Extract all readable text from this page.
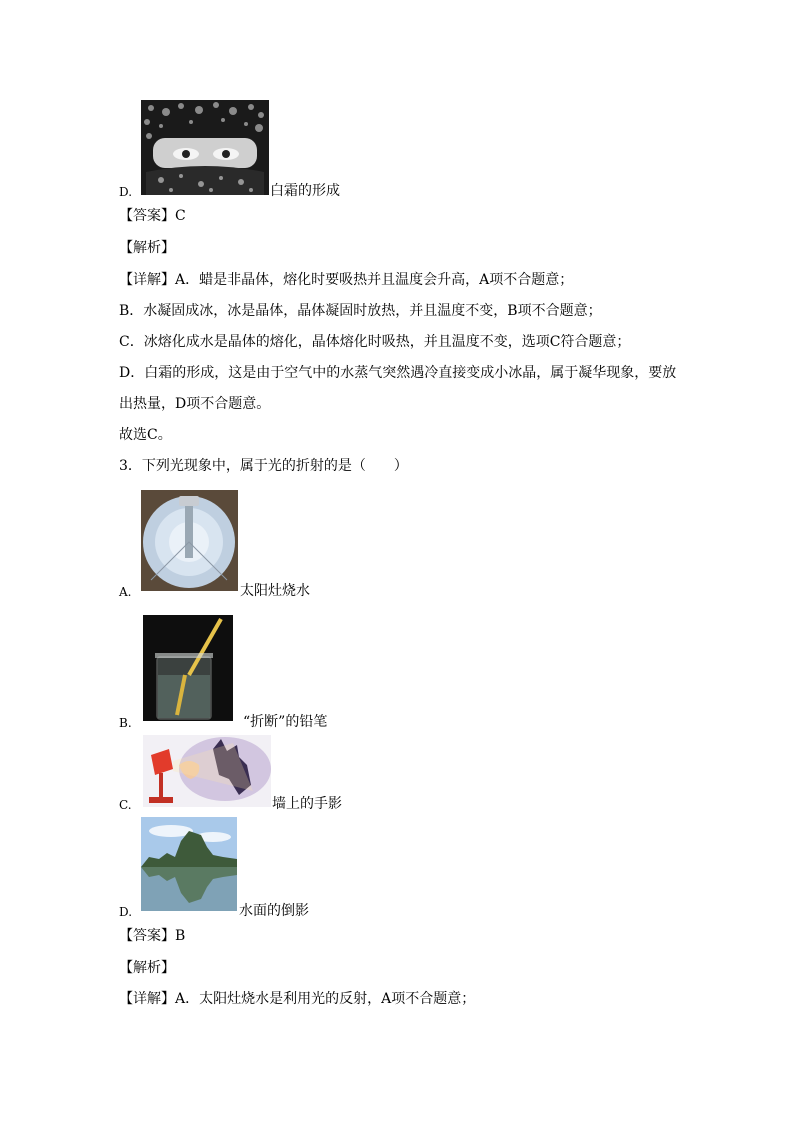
D.	白霜的形成
【答案】C
【解析】
【详解】A．蜡是非晶体，熔化时要吸热并且温度会升高，A项不合题意；
B．水凝固成冰，冰是晶体，晶体凝固时放热，并且温度不变，B项不合题意；
C．冰熔化成水是晶体的熔化，晶体熔化时吸热，并且温度不变，选项C符合题意；
D．白霜的形成，这是由于空气中的水蒸气突然遇冷直接变成小冰晶，属于凝华现象，要放
出热量，D项不合题意。
故选C。
3．下列光现象中，属于光的折射的是（　　）
A.	太阳灶烧水
B.	“折断”的铅笔
C.	墙上的手影
D.	水面的倒影
【答案】B
【解析】
【详解】A．太阳灶烧水是利用光的反射，A项不合题意；
